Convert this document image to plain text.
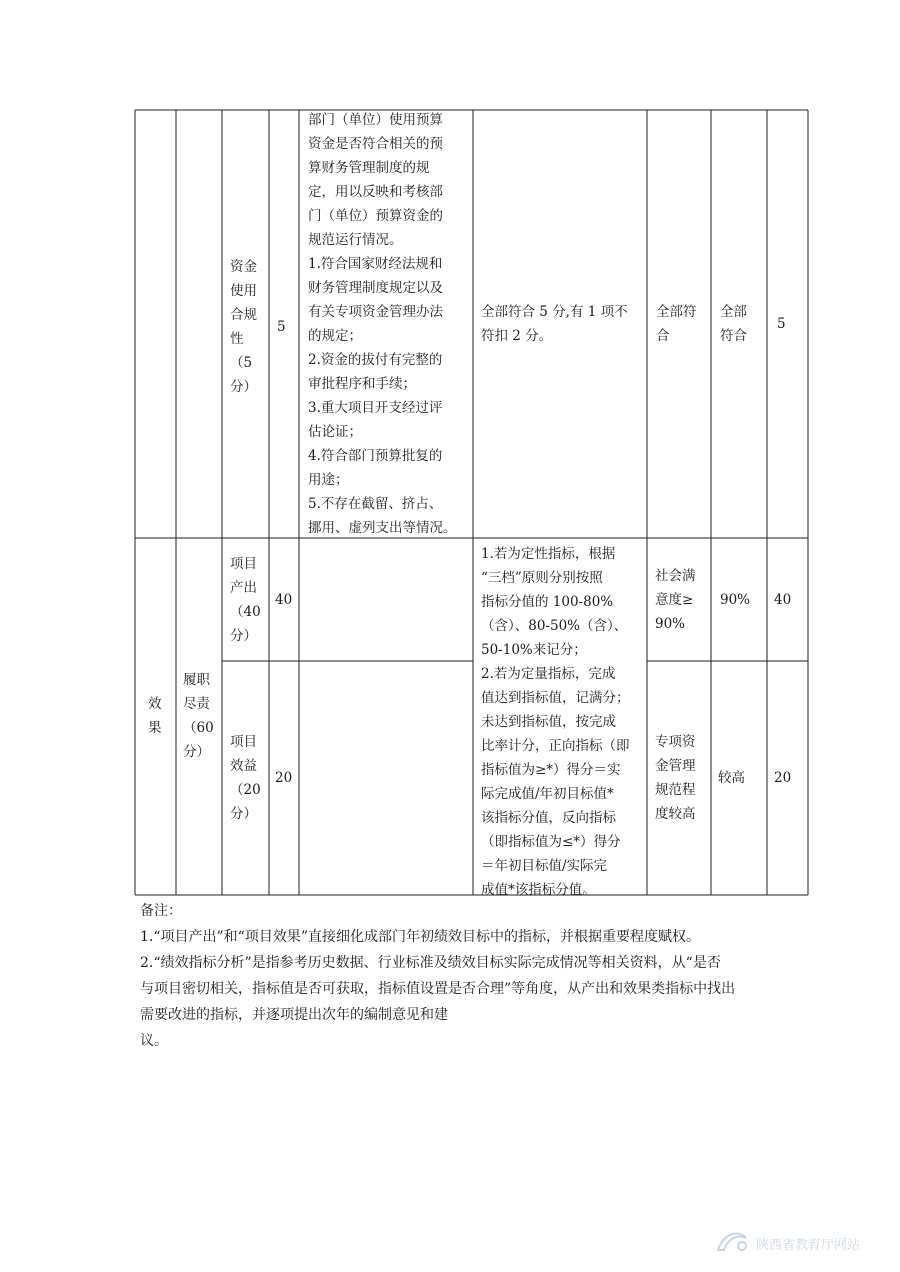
资金
使用
合规
性
（5
分）
5
部门（单位）使用预算
资金是否符合相关的预
算财务管理制度的规
定，用以反映和考核部
门（单位）预算资金的
规范运行情况。
1.符合国家财经法规和
财务管理制度规定以及
有关专项资金管理办法
的规定；
2.资金的拔付有完整的
审批程序和手续；
3.重大项目开支经过评
估论证；
4.符合部门预算批复的
用途；
5.不存在截留、挤占、
挪用、虚列支出等情况。
全部符合 5 分,有 1 项不
符扣 2 分。
全部符
合
全部
符合
5
效
果
履职
尽责
（60
分）
1.若为定性指标，根据
“三档”原则分别按照
指标分值的 100-80%
（含）、80-50%（含）、
50-10%来记分；
2.若为定量指标，完成
值达到指标值，记满分；
未达到指标值，按完成
比率计分，正向指标（即
指标值为≥*）得分＝实
际完成值/年初目标值*
该指标分值，反向指标
（即指标值为≤*）得分
＝年初目标值/实际完
成值*该指标分值。
项目
产出
（40
分）
40
社会满
意度≥
90%
90%	40
项目
效益
（20
分）
20
专项资
金管理
规范程
度较高
较高	20
备注：
1.“项目产出”和“项目效果”直接细化成部门年初绩效目标中的指标，并根据重要程度赋权。
2.“绩效指标分析”是指参考历史数据、行业标准及绩效目标实际完成情况等相关资料，从“是否
与项目密切相关，指标值是否可获取，指标值设置是否合理”等角度，从产出和效果类指标中找出
需要改进的指标，并逐项提出次年的编制意见和建
议。
陕西省教育厅网站
